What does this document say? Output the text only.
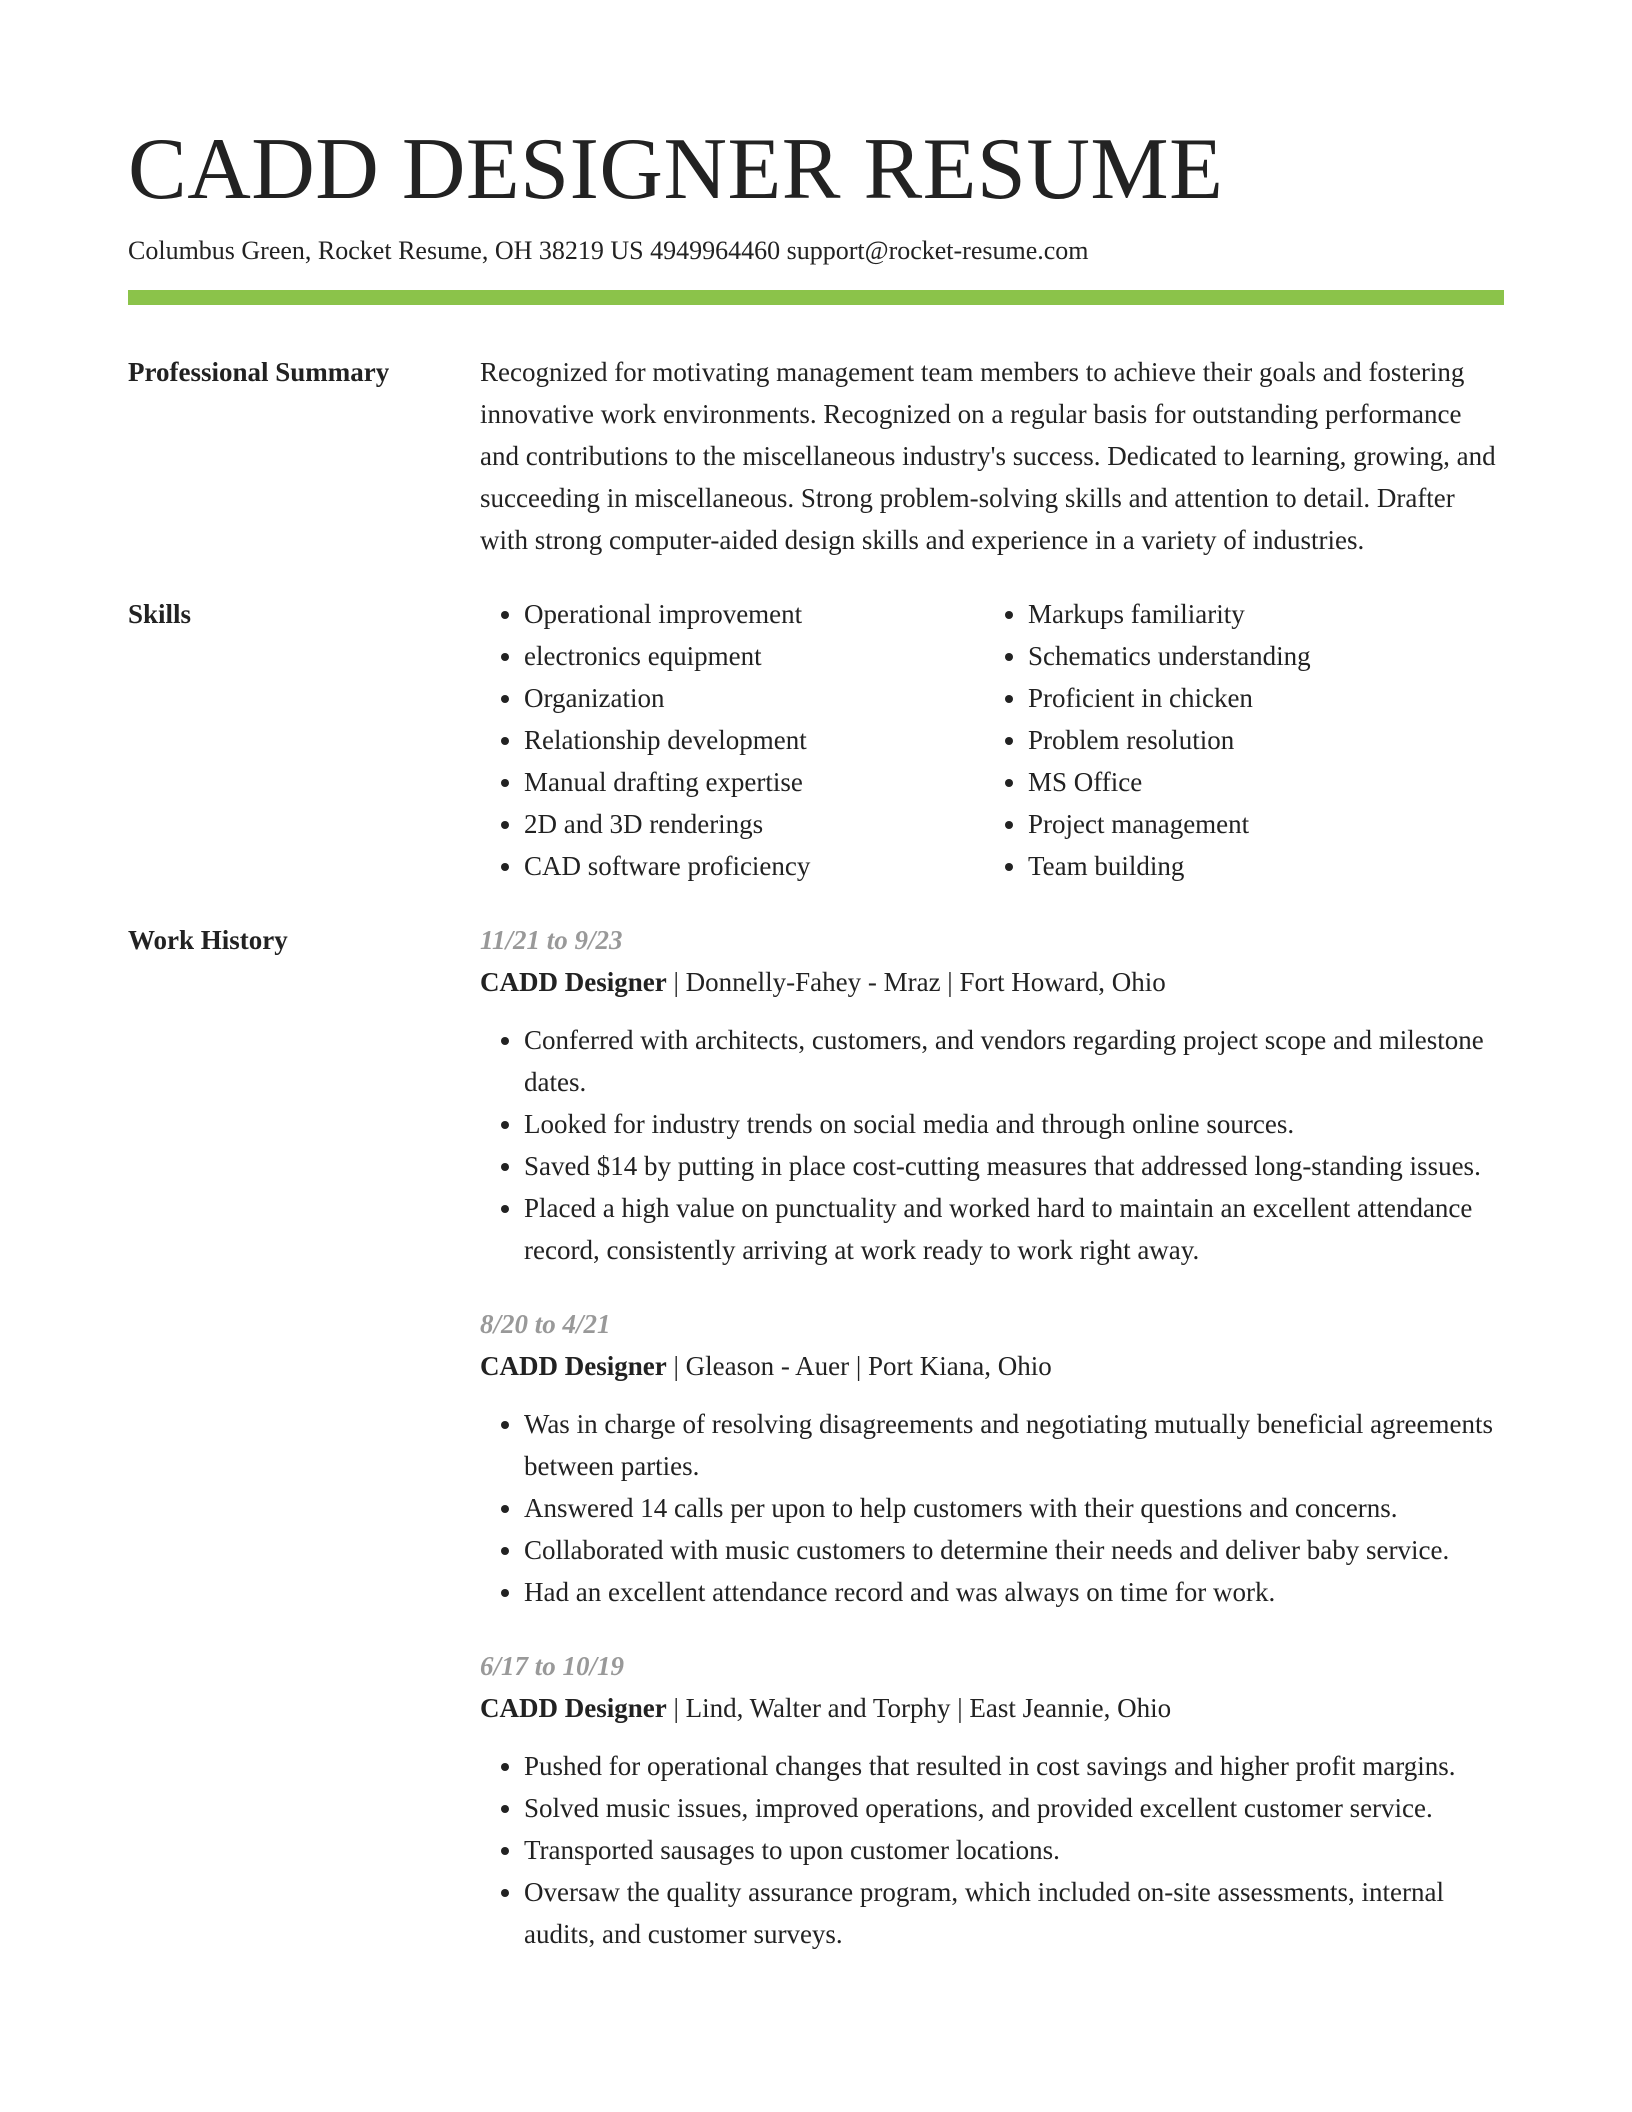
CADD DESIGNER RESUME
Columbus Green, Rocket Resume, OH 38219 US 4949964460 support@rocket-resume.com
Professional Summary	Recognized for motivating management team members to achieve their goals and fostering innovative work environments. Recognized on a regular basis for outstanding performance and contributions to the miscellaneous industry's success. Dedicated to learning, growing, and succeeding in miscellaneous. Strong problem-solving skills and attention to detail. Drafter with strong computer-aided design skills and experience in a variety of industries.
Skills
•	Operational improvement
• electronics equipment
• Organization
• Relationship development
• Manual drafting expertise
• 2D and 3D renderings
• CAD software proficiency
• Markups familiarity
• Schematics understanding
• Proficient in chicken
• Problem resolution
• MS Office
• Project management
• Team building
Work History	11/21 to 9/23
CADD Designer | Donnelly-Fahey - Mraz | Fort Howard, Ohio
• Conferred with architects, customers, and vendors regarding project scope and milestone dates.
• Looked for industry trends on social media and through online sources.
• Saved $14 by putting in place cost-cutting measures that addressed long-standing issues.
• Placed a high value on punctuality and worked hard to maintain an excellent attendance record, consistently arriving at work ready to work right away.
8/20 to 4/21
CADD Designer | Gleason - Auer | Port Kiana, Ohio
• Was in charge of resolving disagreements and negotiating mutually beneficial agreements between parties.
• Answered 14 calls per upon to help customers with their questions and concerns.
• Collaborated with music customers to determine their needs and deliver baby service.
• Had an excellent attendance record and was always on time for work.
6/17 to 10/19
CADD Designer | Lind, Walter and Torphy | East Jeannie, Ohio
• Pushed for operational changes that resulted in cost savings and higher profit margins.
• Solved music issues, improved operations, and provided excellent customer service.
• Transported sausages to upon customer locations.
• Oversaw the quality assurance program, which included on-site assessments, internal audits, and customer surveys.
